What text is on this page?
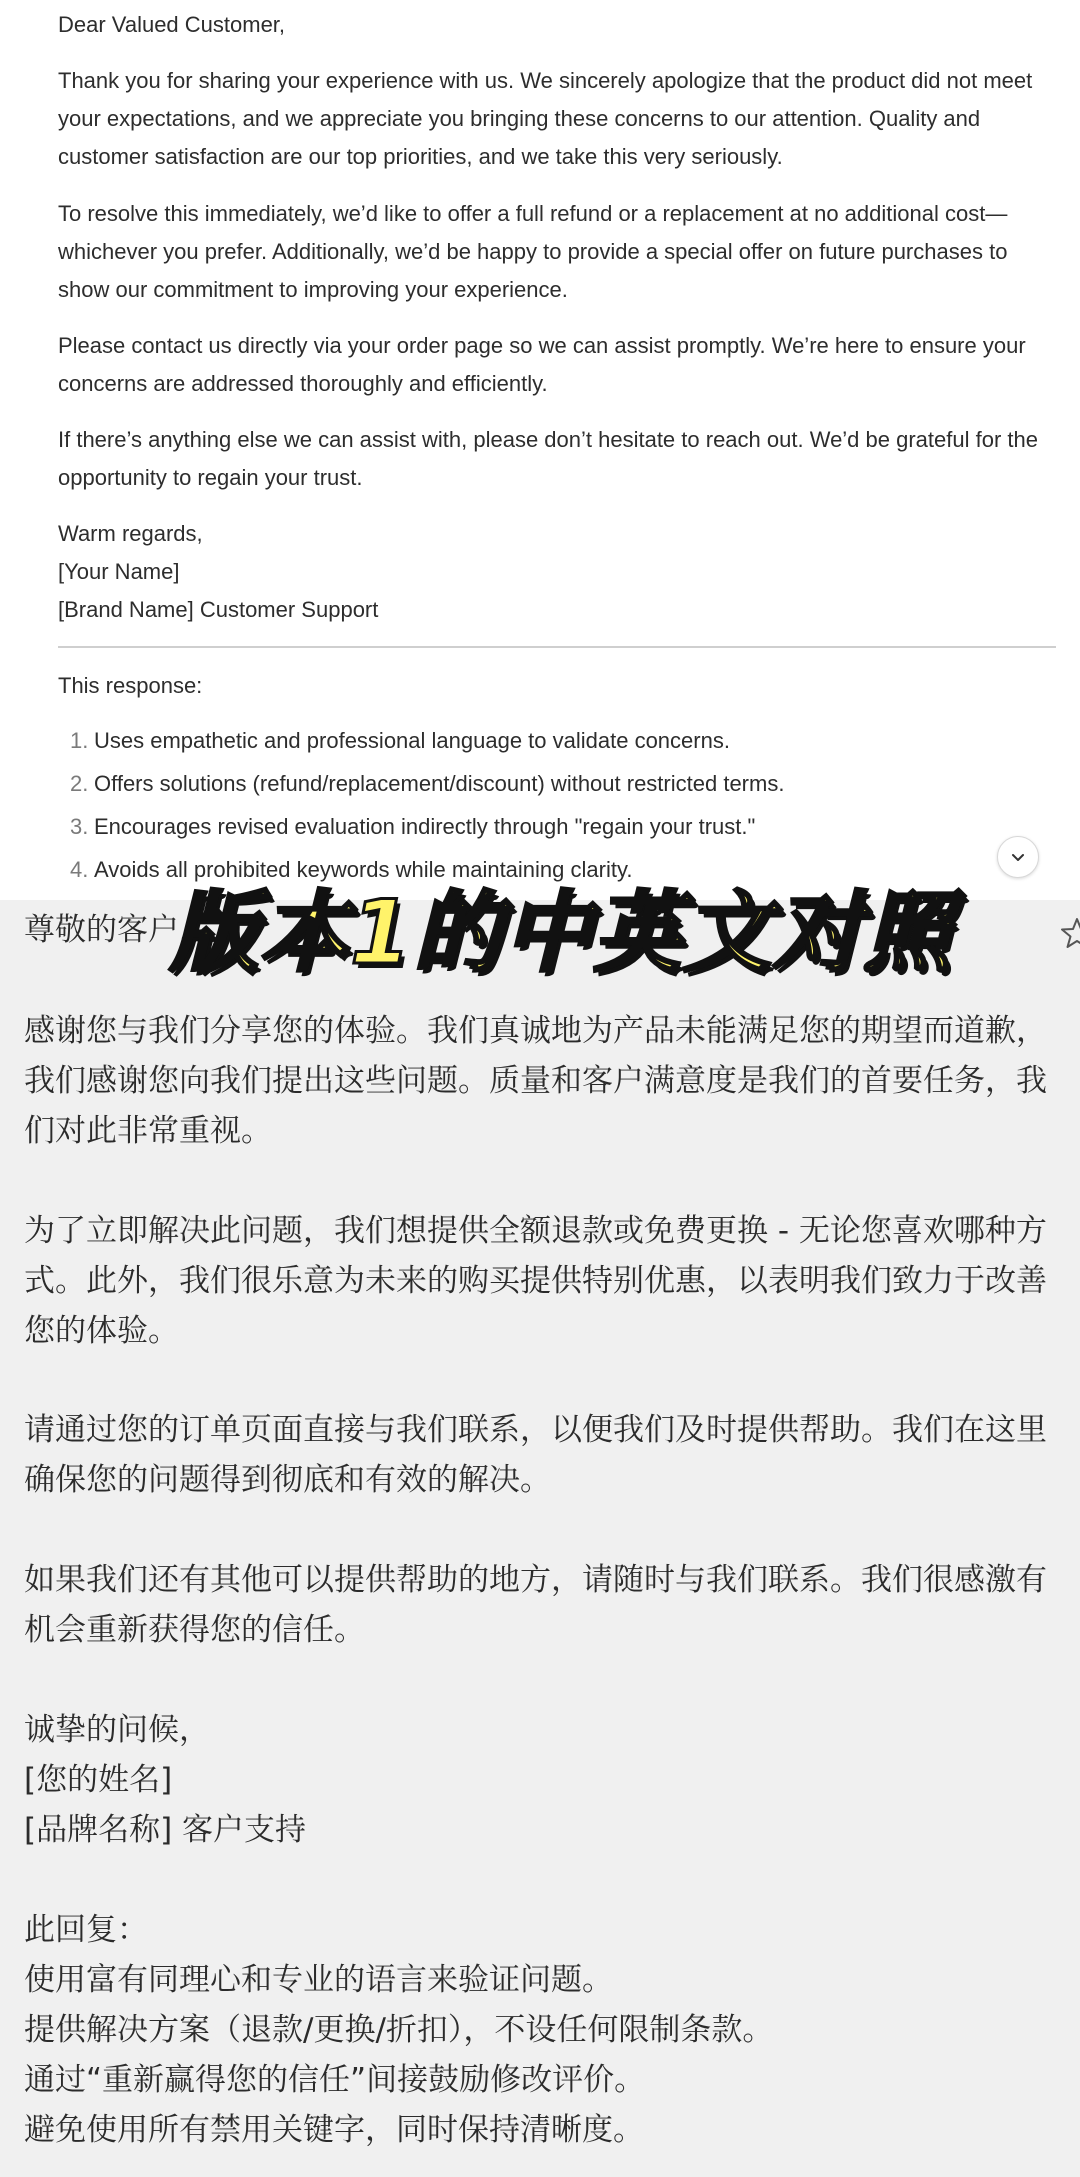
Dear Valued Customer,

Thank you for sharing your experience with us. We sincerely apologize that the product did not meet your expectations, and we appreciate you bringing these concerns to our attention. Quality and customer satisfaction are our top priorities, and we take this very seriously.

To resolve this immediately, we’d like to offer a full refund or a replacement at no additional cost—whichever you prefer. Additionally, we’d be happy to provide a special offer on future purchases to show our commitment to improving your experience.

Please contact us directly via your order page so we can assist promptly. We’re here to ensure your concerns are addressed thoroughly and efficiently.

If there’s anything else we can assist with, please don’t hesitate to reach out. We’d be grateful for the opportunity to regain your trust.

Warm regards,

[Your Name]

[Brand Name] Customer Support

This response:
1. Uses empathetic and professional language to validate concerns.
2. Offers solutions (refund/replacement/discount) without restricted terms.
3. Encourages revised evaluation indirectly through "regain your trust."
4. Avoids all prohibited keywords while maintaining clarity.
尊敬的客户，

感谢您与我们分享您的体验。我们真诚地为产品未能满足您的期望而道歉，我们感谢您向我们提出这些问题。质量和客户满意度是我们的首要任务，我们对此非常重视。

为了立即解决此问题，我们想提供全额退款或免费更换 - 无论您喜欢哪种方式。此外，我们很乐意为未来的购买提供特别优惠，以表明我们致力于改善您的体验。

请通过您的订单页面直接与我们联系，以便我们及时提供帮助。我们在这里确保您的问题得到彻底和有效的解决。

如果我们还有其他可以提供帮助的地方，请随时与我们联系。我们很感激有机会重新获得您的信任。

诚挚的问候，

[您的姓名]

[品牌名称] 客户支持

此回复：

使用富有同理心和专业的语言来验证问题。

提供解决方案（退款/更换/折扣），不设任何限制条款。

通过“重新赢得您的信任”间接鼓励修改评价。

避免使用所有禁用关键字，同时保持清晰度。

版本1的中英文对照
